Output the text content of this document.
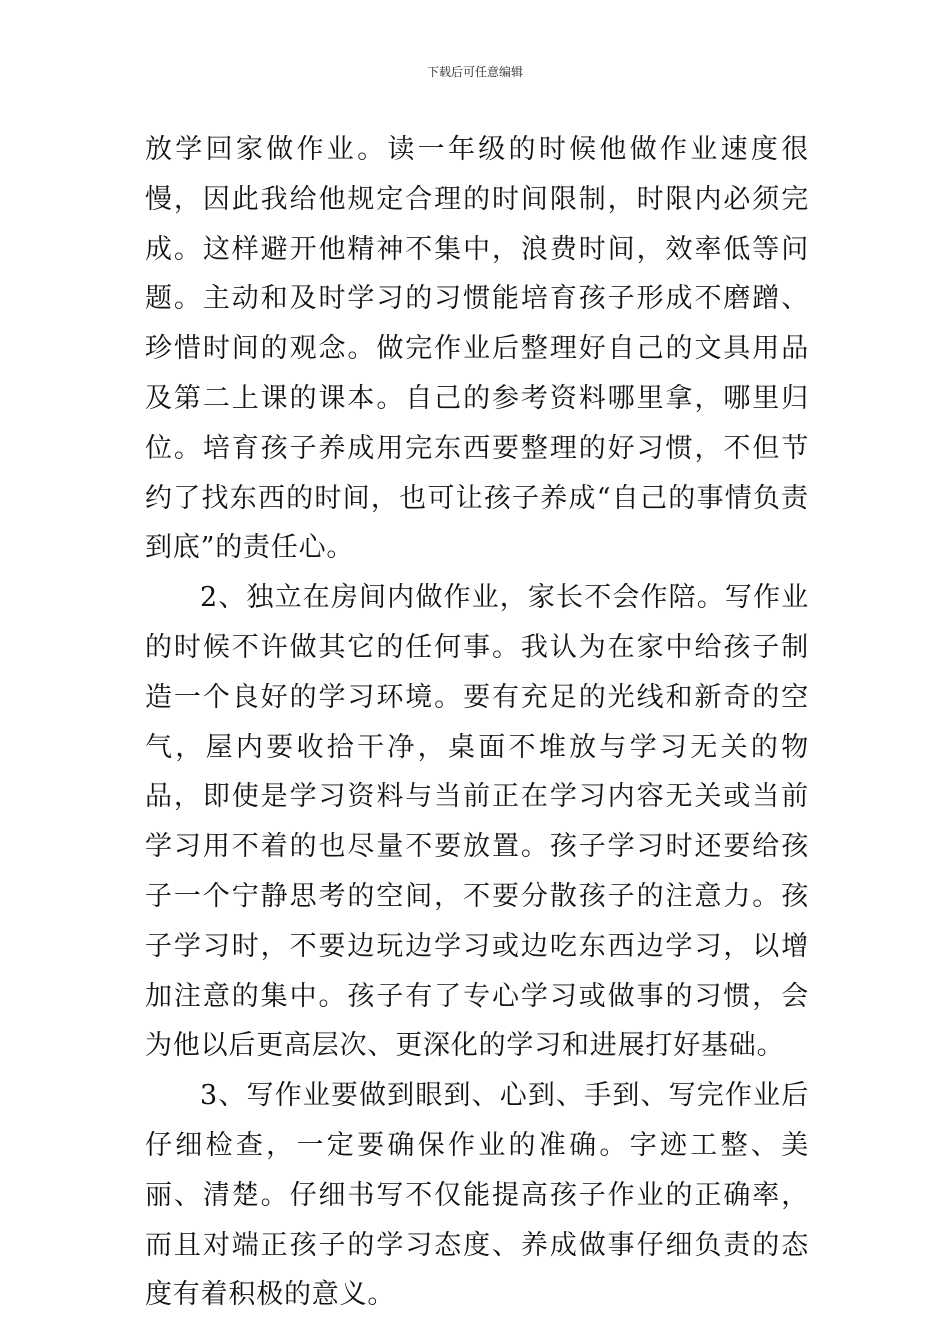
下载后可任意编辑

放学回家做作业。读一年级的时候他做作业速度很慢，因此我给他规定合理的时间限制，时限内必须完成。这样避开他精神不集中，浪费时间，效率低等问题。主动和及时学习的习惯能培育孩子形成不磨蹭、珍惜时间的观念。做完作业后整理好自己的文具用品及第二上课的课本。自己的参考资料哪里拿，哪里归位。培育孩子养成用完东西要整理的好习惯，不但节约了找东西的时间，也可让孩子养成“自己的事情负责到底”的责任心。

2、独立在房间内做作业，家长不会作陪。写作业的时候不许做其它的任何事。我认为在家中给孩子制造一个良好的学习环境。要有充足的光线和新奇的空气，屋内要收拾干净，桌面不堆放与学习无关的物品，即使是学习资料与当前正在学习内容无关或当前学习用不着的也尽量不要放置。孩子学习时还要给孩子一个宁静思考的空间，不要分散孩子的注意力。孩子学习时，不要边玩边学习或边吃东西边学习，以增加注意的集中。孩子有了专心学习或做事的习惯，会为他以后更高层次、更深化的学习和进展打好基础。

3、写作业要做到眼到、心到、手到、写完作业后仔细检查，一定要确保作业的准确。字迹工整、美丽、清楚。仔细书写不仅能提高孩子作业的正确率，而且对端正孩子的学习态度、养成做事仔细负责的态度有着积极的意义。
